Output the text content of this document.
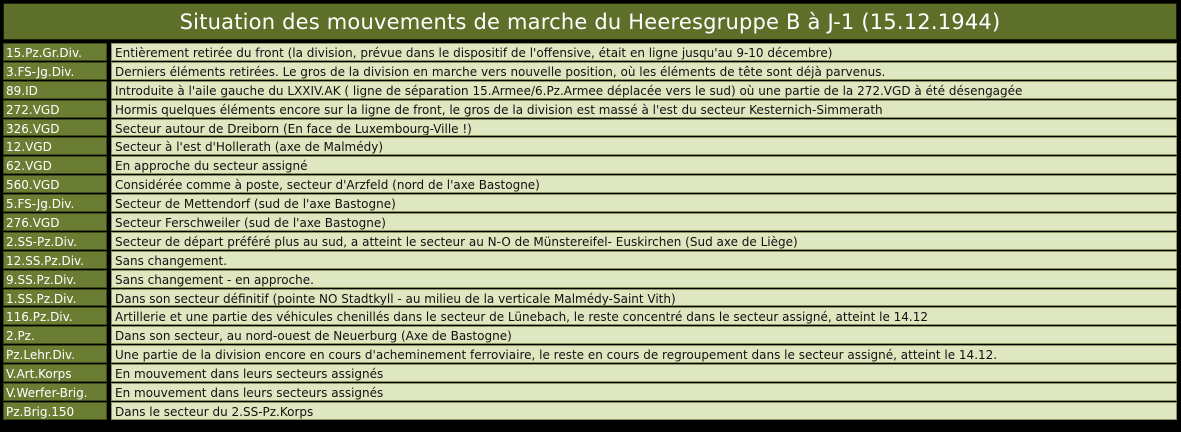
Situation des mouvements de marche du Heeresgruppe B à J-1 (15.12.1944)
15.Pz.Gr.Div.	Entièrement retirée du front (la division, prévue dans le dispositif de l'offensive, était en ligne jusqu'au 9-10 décembre)
3.FS-Jg.Div.	Derniers éléments retirées. Le gros de la division en marche vers nouvelle position, où les éléments de tête sont déjà parvenus.
89.ID	Introduite à l'aile gauche du LXXIV.AK ( ligne de séparation 15.Armee/6.Pz.Armee déplacée vers le sud) où une partie de la 272.VGD à été désengagée
272.VGD	Hormis quelques éléments encore sur la ligne de front, le gros de la division est massé à l'est du secteur Kesternich-Simmerath
326.VGD	Secteur autour de Dreiborn (En face de Luxembourg-Ville !)
12.VGD	Secteur à l'est d'Hollerath (axe de Malmédy)
62.VGD	En approche du secteur assigné
560.VGD	Considérée comme à poste, secteur d'Arzfeld (nord de l'axe Bastogne)
5.FS-Jg.Div.	Secteur de Mettendorf (sud de l'axe Bastogne)
276.VGD	Secteur Ferschweiler (sud de l'axe Bastogne)
2.SS-Pz.Div.	Secteur de départ préféré plus au sud, a atteint le secteur au N-O de Münstereifel- Euskirchen (Sud axe de Liège)
12.SS.Pz.Div.	Sans changement.
9.SS.Pz.Div.	Sans changement - en approche.
1.SS.Pz.Div.	Dans son secteur définitif (pointe NO Stadtkyll - au milieu de la verticale Malmédy-Saint Vith)
116.Pz.Div.	Artillerie et une partie des véhicules chenillés dans le secteur de Lünebach, le reste concentré dans le secteur assigné, atteint le 14.12
2.Pz.	Dans son secteur, au nord-ouest de Neuerburg (Axe de Bastogne)
Pz.Lehr.Div.	Une partie de la division encore en cours d'acheminement ferroviaire, le reste en cours de regroupement dans le secteur assigné, atteint le 14.12.
V.Art.Korps	En mouvement dans leurs secteurs assignés
V.Werfer-Brig.	En mouvement dans leurs secteurs assignés
Pz.Brig.150	Dans le secteur du 2.SS-Pz.Korps
